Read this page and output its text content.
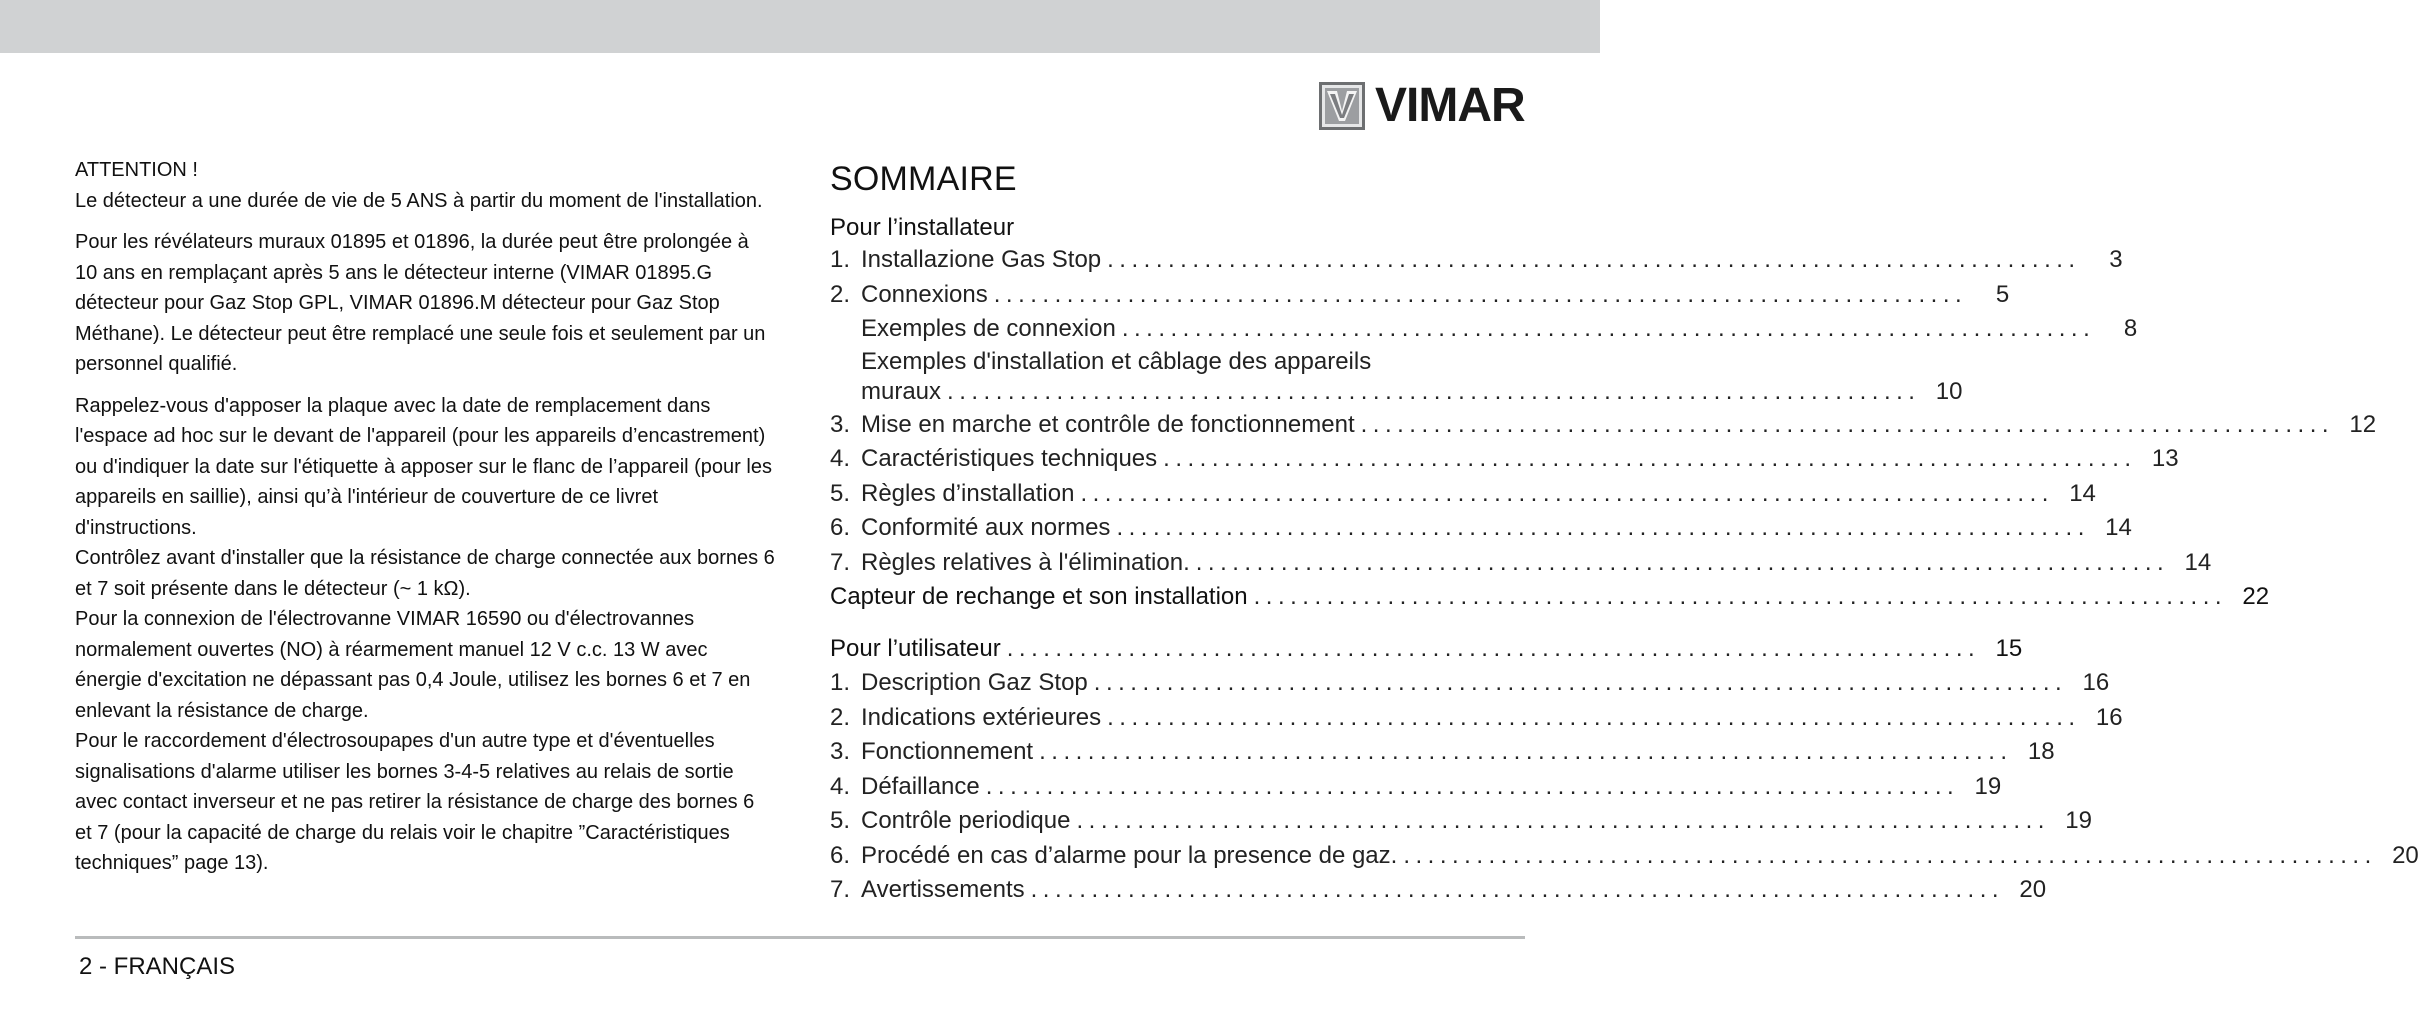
VIMAR

ATTENTION !

Le détecteur a une durée de vie de 5 ANS à partir du moment de l'installation.

Pour les révélateurs muraux 01895 et 01896, la durée peut être prolongée à 10 ans en remplaçant après 5 ans le détecteur interne (VIMAR 01895.G détecteur pour Gaz Stop GPL, VIMAR 01896.M détecteur pour Gaz Stop Méthane). Le détecteur peut être remplacé une seule fois et seulement par un personnel qualifié.

Rappelez-vous d'apposer la plaque avec la date de remplacement dans l'espace ad hoc sur le devant de l'appareil (pour les appareils d’encastrement) ou d'indiquer la date sur l'étiquette à apposer sur le flanc de l’appareil (pour les appareils en saillie), ainsi qu’à l'intérieur de couverture de ce livret d'instructions.

Contrôlez avant d'installer que la résistance de charge connectée aux bornes 6 et 7 soit présente dans le détecteur (~ 1 kΩ).

Pour la connexion de l'électrovanne VIMAR 16590 ou d'électrovannes normalement ouvertes (NO) à réarmement manuel 12 V c.c. 13 W avec énergie d'excitation ne dépassant pas 0,4 Joule, utilisez les bornes 6 et 7 en enlevant la résistance de charge.

Pour le raccordement d'électrosoupapes d'un autre type et d'éventuelles signalisations d'alarme utiliser les bornes 3-4-5 relatives au relais de sortie avec contact inverseur et ne pas retirer la résistance de charge des bornes 6 et 7 (pour la capacité de charge du relais voir le chapitre ”Caractéristiques techniques” page 13).

SOMMAIRE
Pour l’installateur
1. Installazione Gas Stop ................................................................................	3
2. Connexions ................................................................................	5
Exemples de connexion ................................................................................	8
Exemples d'installation et câblage des appareils
muraux ................................................................................ 10
3. Mise en marche et contrôle de fonctionnement ................................................................................ 12
4. Caractéristiques techniques ................................................................................ 13
5. Règles d’installation ................................................................................ 14
6. Conformité aux normes ................................................................................ 14
7. Règles relatives à l'élimination. ................................................................................ 14
Capteur de rechange et son installation ................................................................................ 22
Pour l’utilisateur ................................................................................ 15
1. Description Gaz Stop ................................................................................ 16
2. Indications extérieures ................................................................................ 16
3. Fonctionnement ................................................................................ 18
4. Défaillance ................................................................................ 19
5. Contrôle periodique ................................................................................ 19
6. Procédé en cas d’alarme pour la presence de gaz. ................................................................................ 20
7. Avertissements ................................................................................ 20
2 - FRANÇAIS
